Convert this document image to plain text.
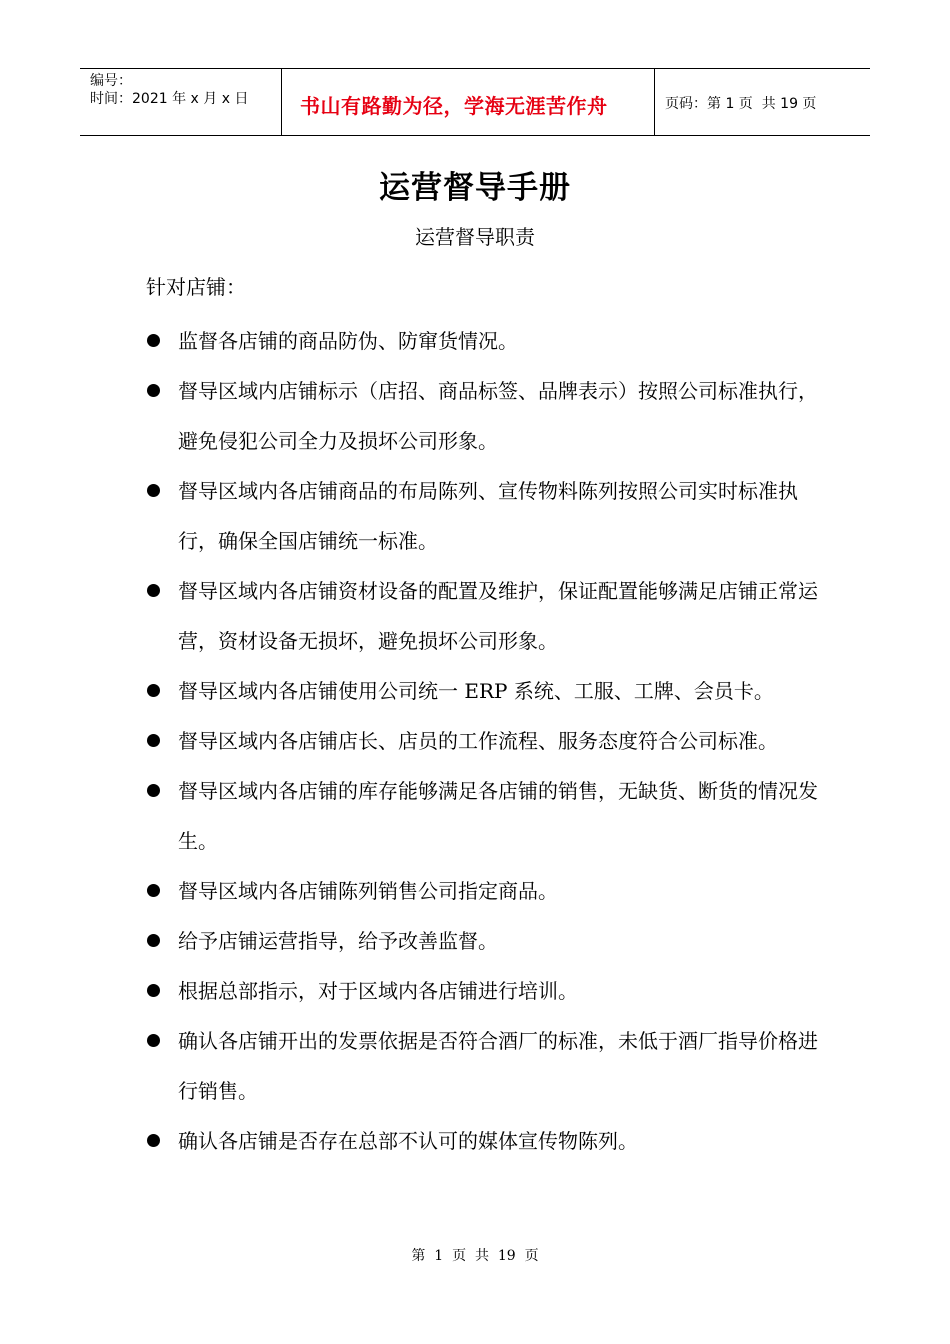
编号：
时间：2021 年 x 月 x 日	书山有路勤为径，学海无涯苦作舟	页码：第 1 页  共 19 页
运营督导手册
运营督导职责
针对店铺：
监督各店铺的商品防伪、防窜货情况。
督导区域内店铺标示（店招、商品标签、品牌表示）按照公司标准执行，避免侵犯公司全力及损坏公司形象。
督导区域内各店铺商品的布局陈列、宣传物料陈列按照公司实时标准执行，确保全国店铺统一标准。
督导区域内各店铺资材设备的配置及维护，保证配置能够满足店铺正常运营，资材设备无损坏，避免损坏公司形象。
督导区域内各店铺使用公司统一 ERP 系统、工服、工牌、会员卡。
督导区域内各店铺店长、店员的工作流程、服务态度符合公司标准。
督导区域内各店铺的库存能够满足各店铺的销售，无缺货、断货的情况发生。
督导区域内各店铺陈列销售公司指定商品。
给予店铺运营指导，给予改善监督。
根据总部指示，对于区域内各店铺进行培训。
确认各店铺开出的发票依据是否符合酒厂的标准，未低于酒厂指导价格进行销售。
确认各店铺是否存在总部不认可的媒体宣传物陈列。
第  1  页  共  19  页
